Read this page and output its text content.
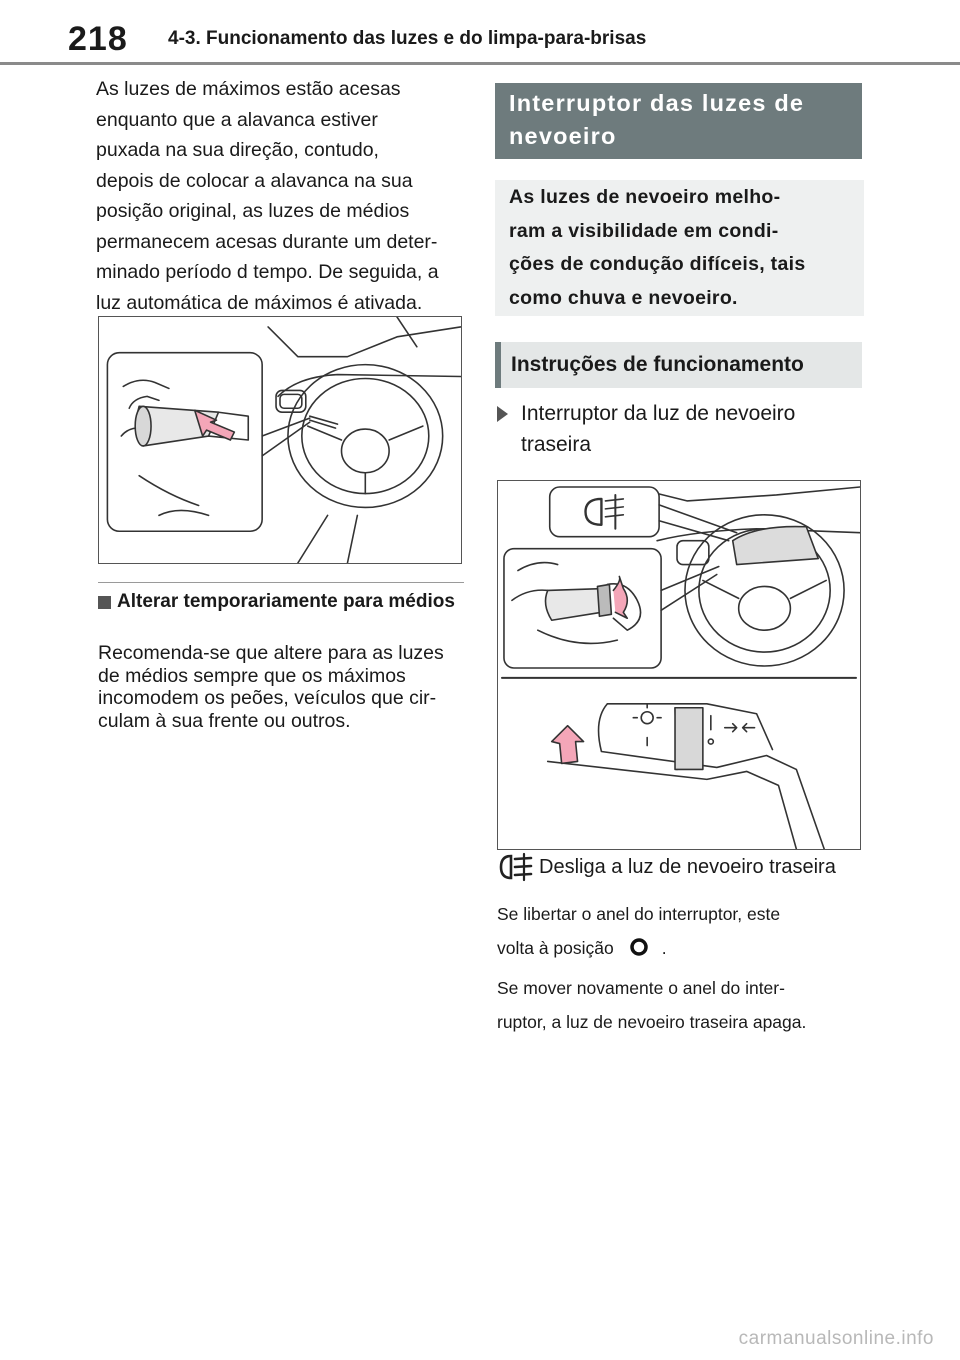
218 4-3. Funcionamento das luzes e do limpa-para-brisas
As luzes de máximos estão acesas
enquanto que a alavanca estiver
puxada na sua direção, contudo,
depois de colocar a alavanca na sua
posição original, as luzes de médios
permanecem acesas durante um deter-
minado período d tempo. De seguida, a
luz automática de máximos é ativada.
Alterar temporariamente para médios
Recomenda-se que altere para as luzes
de médios sempre que os máximos
incomodem os peões, veículos que cir-
culam à sua frente ou outros.
Interruptor das luzes de
nevoeiro
As luzes de nevoeiro melho-
ram a visibilidade em condi-
ções de condução difíceis, tais
como chuva e nevoeiro.
Instruções de funcionamento
Interruptor da luz de nevoeiro
traseira
Desliga a luz de nevoeiro traseira
Se libertar o anel do interruptor, este
volta à posição	.
Se mover novamente o anel do inter-
ruptor, a luz de nevoeiro traseira apaga.
carmanualsonline.info
